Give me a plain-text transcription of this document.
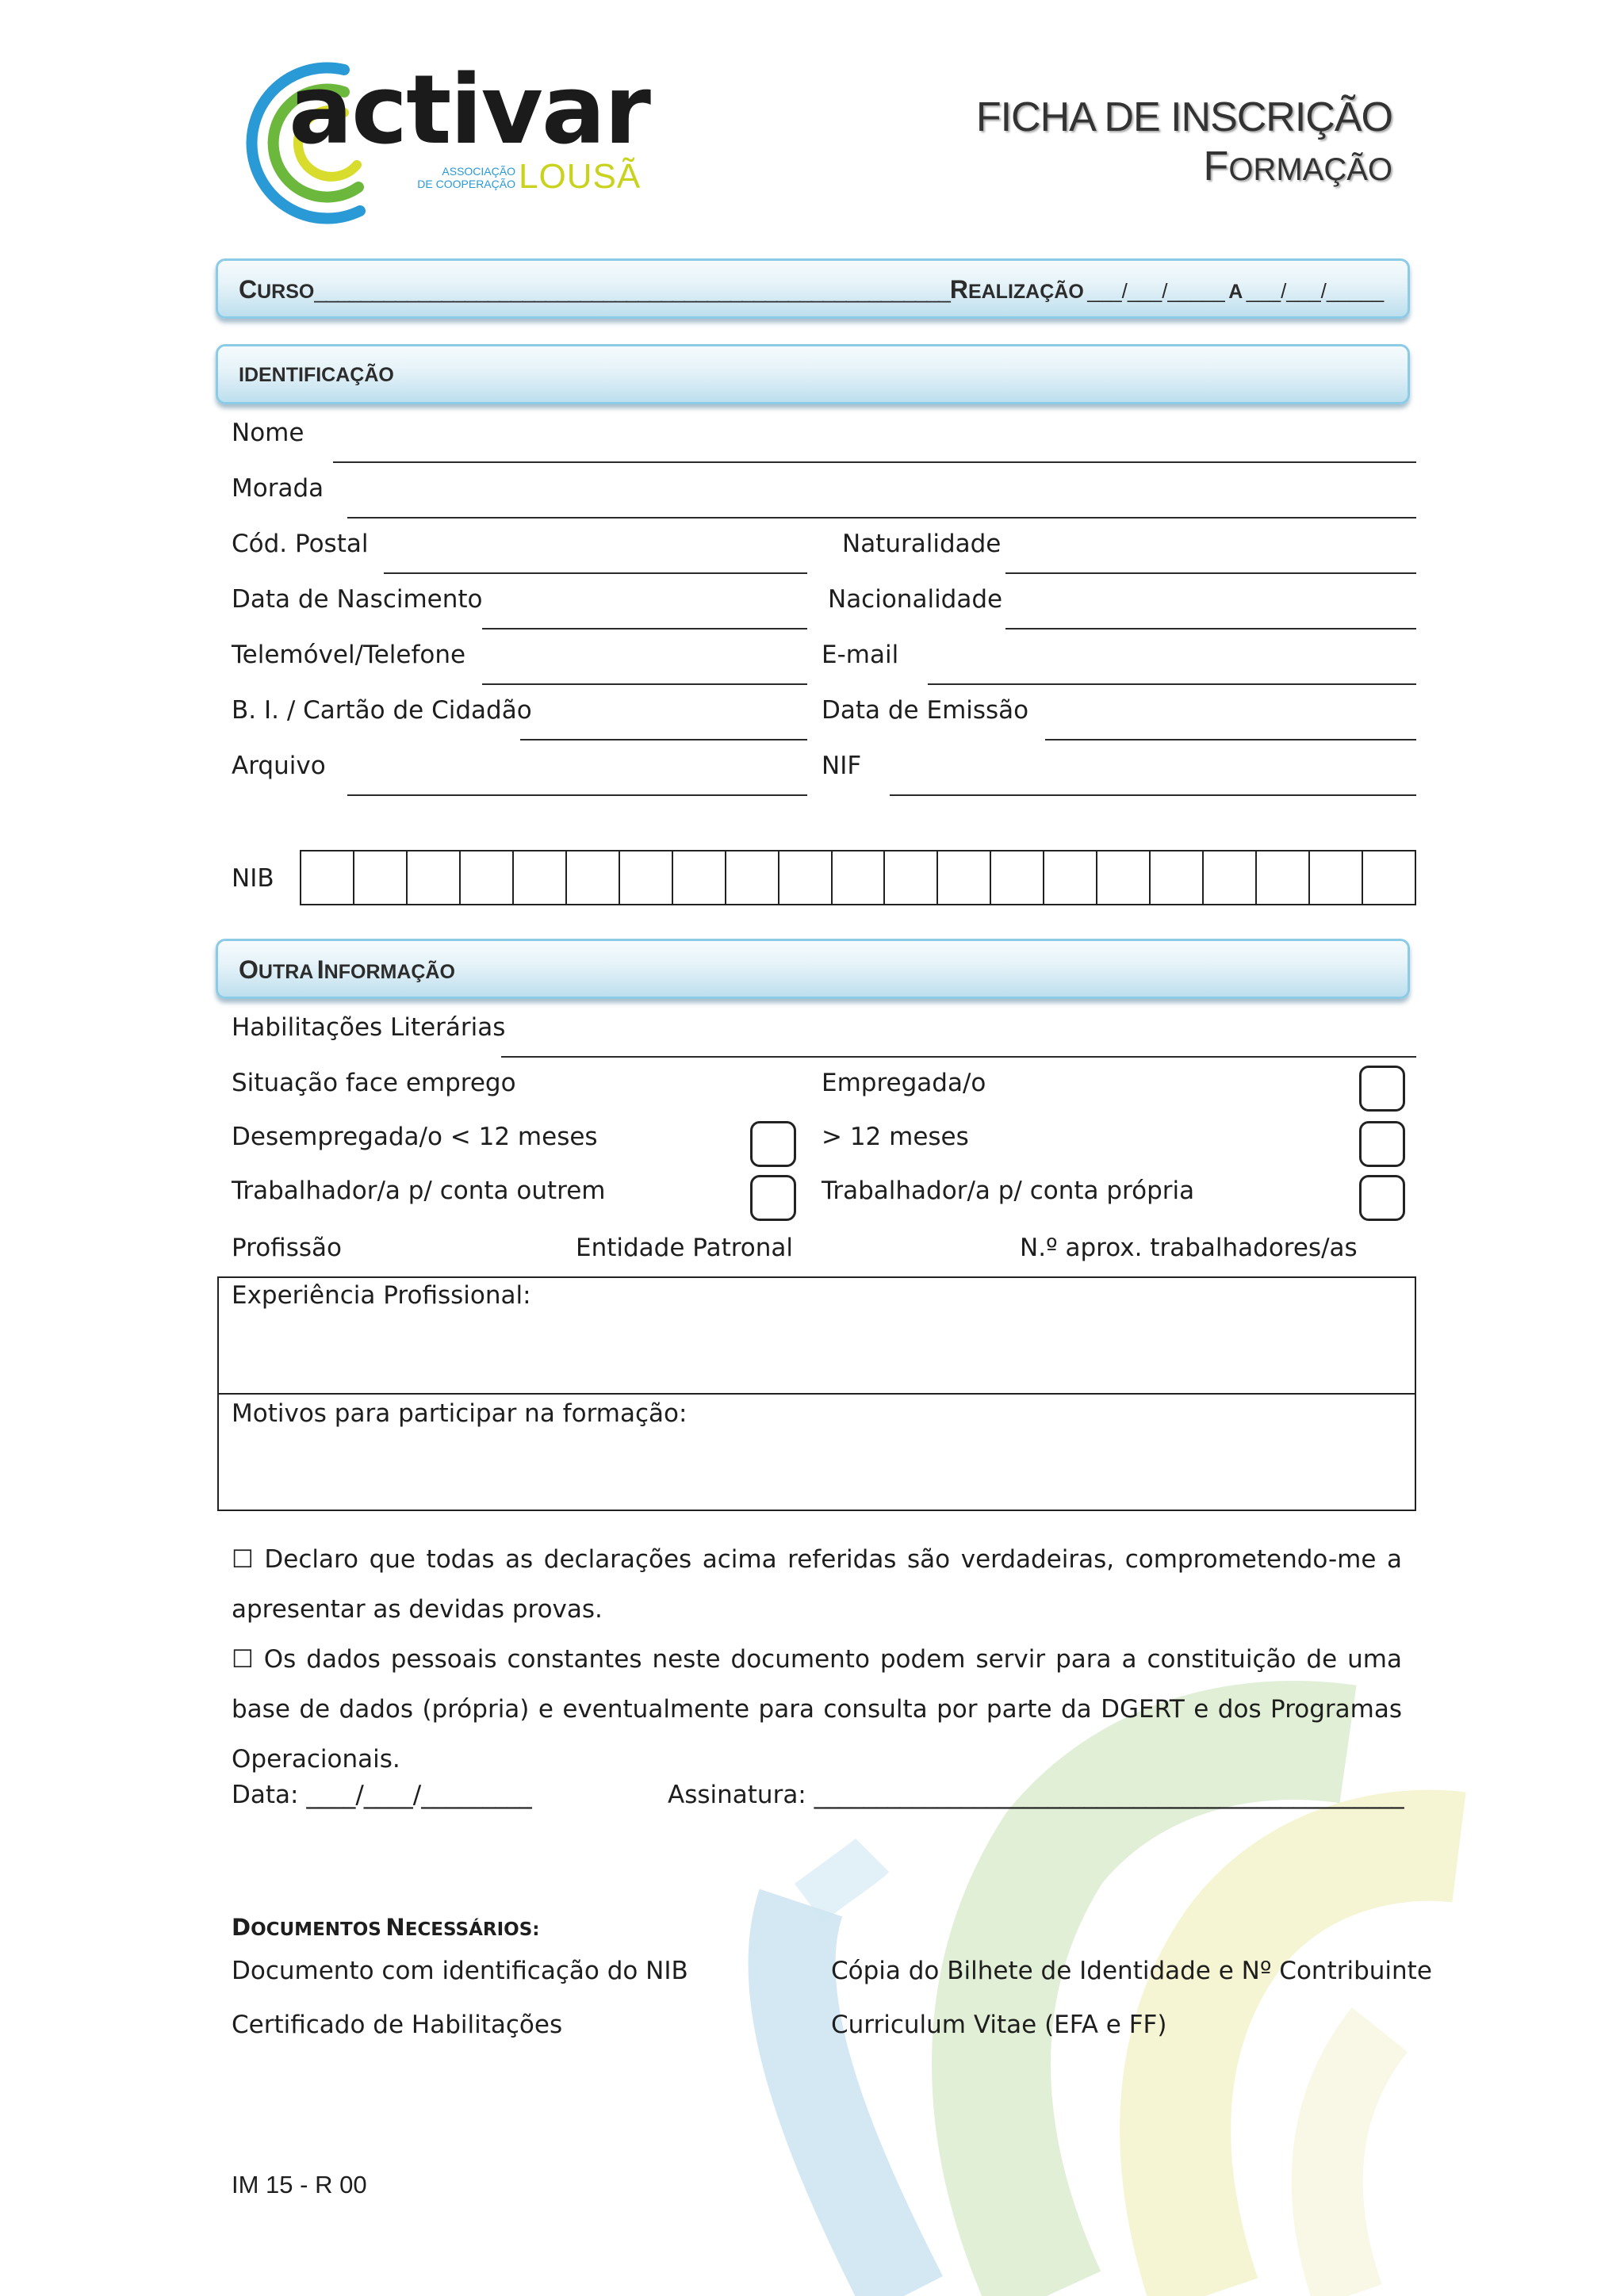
activar
ASSOCIAÇÃO
DE COOPERAÇÃO LOUSÃ
FICHA DE INSCRIÇÃO
FORMAÇÃO
CURSO_______________________________________________________REALIZAÇÃO ___/___/_____ A ___/___/_____
IDENTIFICAÇÃO
Nome
Morada
Cód. Postal	Naturalidade
Data de Nascimento	Nacionalidade
Telemóvel/Telefone	E-mail
B. I. / Cartão de Cidadão	Data de Emissão
Arquivo	NIF
NIB
OUTRA INFORMAÇÃO
Habilitações Literárias
Situação face emprego	Empregada/o
Desempregada/o < 12 meses	> 12 meses
Trabalhador/a p/ conta outrem	Trabalhador/a p/ conta própria
Profissão	Entidade Patronal	N.º aprox. trabalhadores/as
Experiência Profissional:
Motivos para participar na formação:
☐ Declaro que todas as declarações acima referidas são verdadeiras, comprometendo-me a apresentar as devidas provas.
☐ Os dados pessoais constantes neste documento podem servir para a constituição de uma base de dados (própria) e eventualmente para consulta por parte da DGERT e dos Programas Operacionais.
Data: ____/____/_________	Assinatura: ________________________________________________
DOCUMENTOS NECESSÁRIOS:
Documento com identificação do NIB	Cópia do Bilhete de Identidade e Nº Contribuinte
Certificado de Habilitações	Curriculum Vitae (EFA e FF)
IM 15 - R 00
